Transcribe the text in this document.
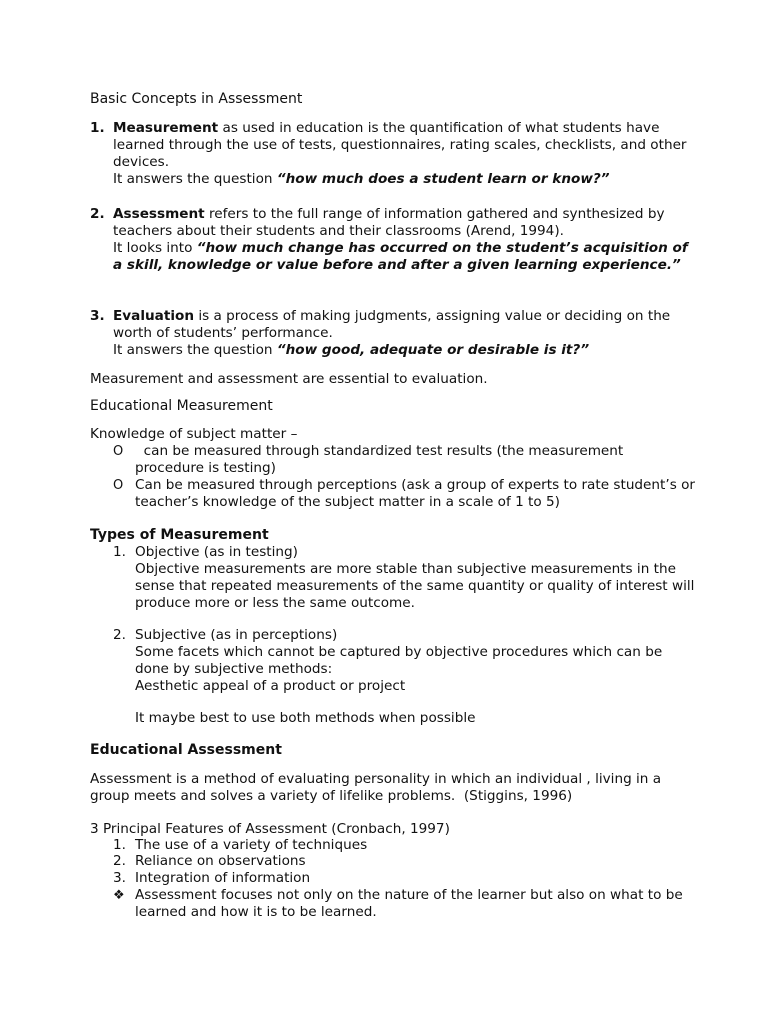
Basic Concepts in Assessment

1. Measurement as used in education is the quantification of what students have learned through the use of tests, questionnaires, rating scales, checklists, and other devices.
It answers the question “how much does a student learn or know?”

2. Assessment refers to the full range of information gathered and synthesized by teachers about their students and their classrooms (Arend, 1994).
It looks into “how much change has occurred on the student’s acquisition of a skill, knowledge or value before and after a given learning experience.”

3. Evaluation is a process of making judgments, assigning value or deciding on the worth of students’ performance.
It answers the question “how good, adequate or desirable is it?”

Measurement and assessment are essential to evaluation.

Educational Measurement

Knowledge of subject matter –

O can be measured through standardized test results (the measurement procedure is testing)

O Can be measured through perceptions (ask a group of experts to rate student’s or teacher’s knowledge of the subject matter in a scale of 1 to 5)

Types of Measurement

1. Objective (as in testing)
Objective measurements are more stable than subjective measurements in the sense that repeated measurements of the same quantity or quality of interest will produce more or less the same outcome.

2. Subjective (as in perceptions)
Some facets which cannot be captured by objective procedures which can be done by subjective methods:
Aesthetic appeal of a product or project

It maybe best to use both methods when possible

Educational Assessment

Assessment is a method of evaluating personality in which an individual , living in a group meets and solves a variety of lifelike problems.  (Stiggins, 1996)

3 Principal Features of Assessment (Cronbach, 1997)

1. The use of a variety of techniques

2. Reliance on observations

3. Integration of information

❖ Assessment focuses not only on the nature of the learner but also on what to be learned and how it is to be learned.
